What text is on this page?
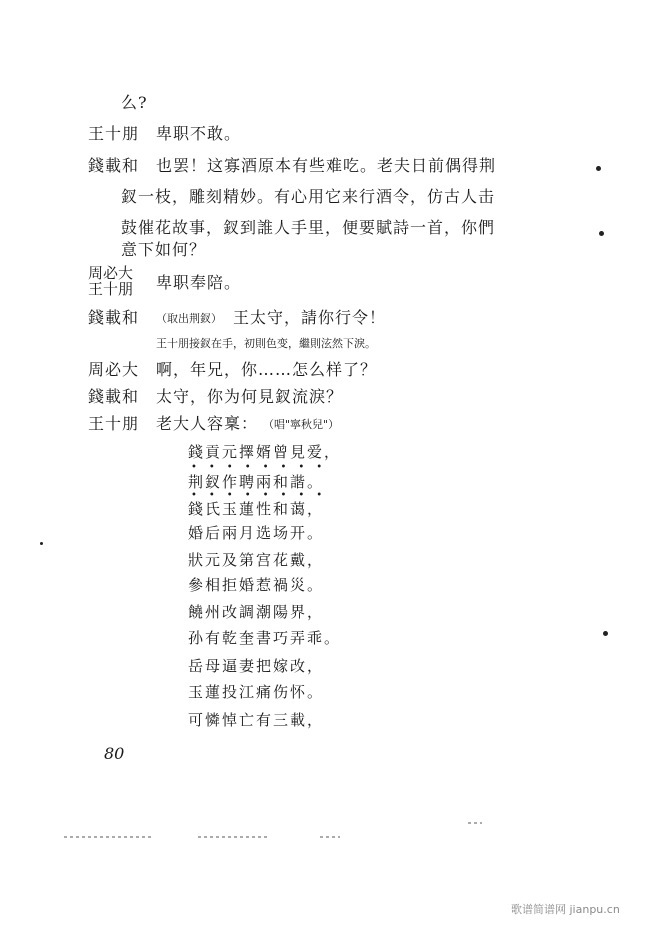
么?
王十朋 卑职不敢。
錢載和 也罢！这寡酒原本有些难吃。老夫日前偶得荆
釵一枝，雕刻精妙。有心用它来行酒令，仿古人击
鼓催花故事，釵到誰人手里，便要賦詩一首，你們
意下如何？
周必大
王十朋 卑职奉陪。
錢載和 （取出荆釵） 王太守，請你行令！
王十朋接釵在手，初則色变，繼則泫然下淚。
周必大 啊，年兄，你……怎么样了？
錢載和 太守，你为何見釵流淚？
王十朋 老大人容稟： （唱"寧秋兒"）
錢貢元擇婿曾見爱，
••••••••
荆釵作聘兩和諧。
••••••••
錢氏玉蓮性和蔼，
婚后兩月选场开。
狀元及第宫花戴，
參相拒婚惹禍災。
饒州改調潮陽界，
孙有乾奎書巧弄乖。
岳母逼妻把嫁改，
玉蓮投江痛伤怀。
可憐悼亡有三載，
80
歌谱简谱网 jianpu.cn
